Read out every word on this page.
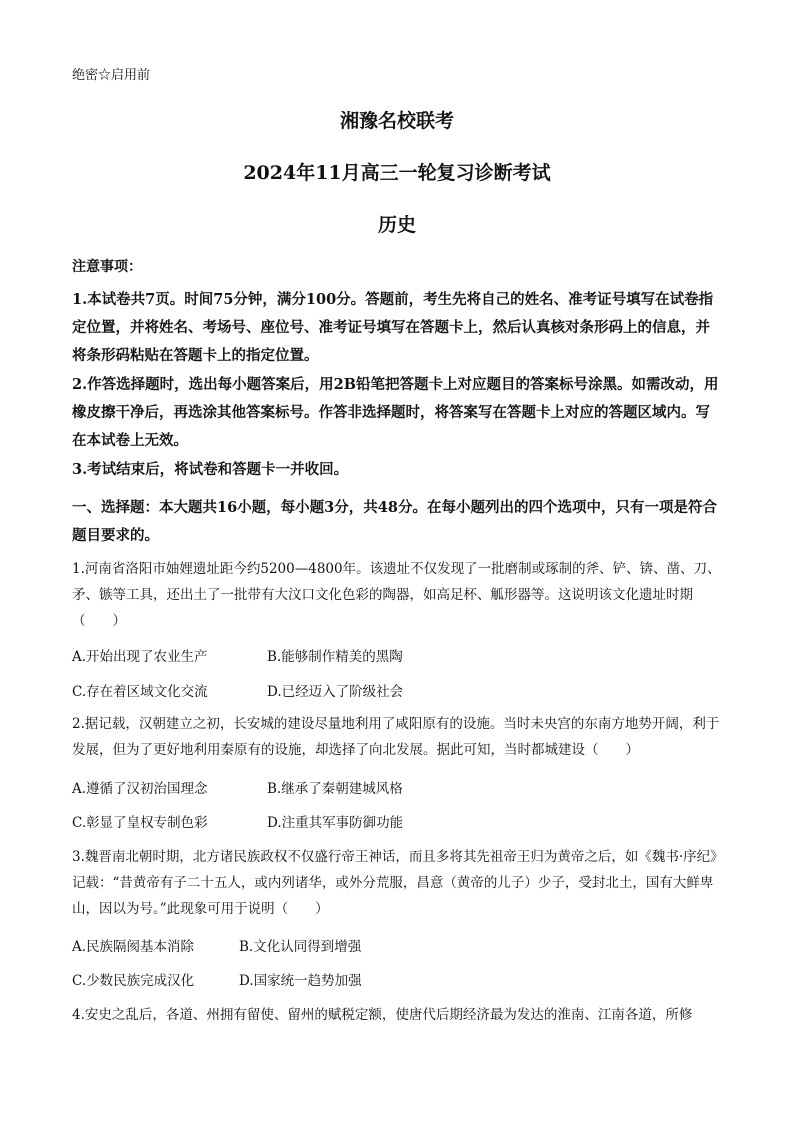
绝密☆启用前
湘豫名校联考
2024年11月高三一轮复习诊断考试
历史
注意事项：
1.本试卷共7页。时间75分钟，满分100分。答题前，考生先将自己的姓名、准考证号填写在试卷指定位置，并将姓名、考场号、座位号、准考证号填写在答题卡上，然后认真核对条形码上的信息，并将条形码粘贴在答题卡上的指定位置。
2.作答选择题时，选出每小题答案后，用2B铅笔把答题卡上对应题目的答案标号涂黑。如需改动，用橡皮擦干净后，再选涂其他答案标号。作答非选择题时，将答案写在答题卡上对应的答题区域内。写在本试卷上无效。
3.考试结束后，将试卷和答题卡一并收回。
一、选择题：本大题共16小题，每小题3分，共48分。在每小题列出的四个选项中，只有一项是符合题目要求的。
1.河南省洛阳市妯娌遗址距今约5200—4800年。该遗址不仅发现了一批磨制或琢制的斧、铲、锛、凿、刀、矛、镞等工具，还出土了一批带有大汶口文化色彩的陶器，如高足杯、觚形器等。这说明该文化遗址时期（　　）
A.开始出现了农业生产	B.能够制作精美的黑陶
C.存在着区域文化交流	D.已经迈入了阶级社会
2.据记载，汉朝建立之初，长安城的建设尽量地利用了咸阳原有的设施。当时未央宫的东南方地势开阔，利于发展，但为了更好地利用秦原有的设施，却选择了向北发展。据此可知，当时都城建设（　　）
A.遵循了汉初治国理念	B.继承了秦朝建城风格
C.彰显了皇权专制色彩	D.注重其军事防御功能
3.魏晋南北朝时期，北方诸民族政权不仅盛行帝王神话，而且多将其先祖帝王归为黄帝之后，如《魏书·序纪》记载：“昔黄帝有子二十五人，或内列诸华，或外分荒服，昌意（黄帝的儿子）少子，受封北土，国有大鲜卑山，因以为号。”此现象可用于说明（　　）
A.民族隔阂基本消除	B.文化认同得到增强
C.少数民族完成汉化	D.国家统一趋势加强
4.安史之乱后，各道、州拥有留使、留州的赋税定额，使唐代后期经济最为发达的淮南、江南各道，所修
